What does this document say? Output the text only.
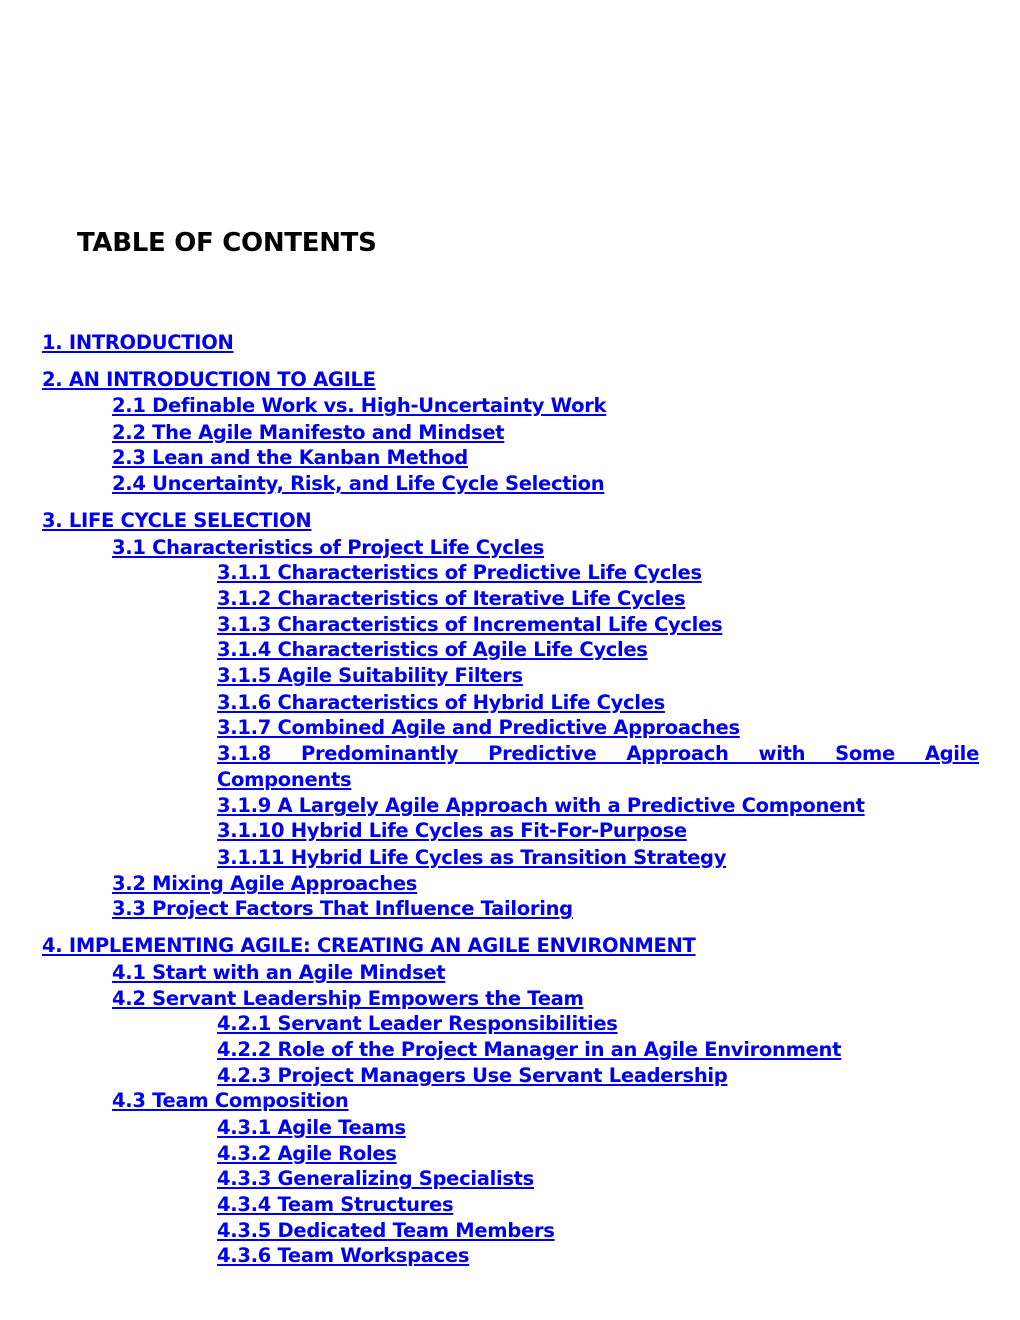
TABLE OF CONTENTS
1. INTRODUCTION
2. AN INTRODUCTION TO AGILE
2.1 Definable Work vs. High-Uncertainty Work
2.2 The Agile Manifesto and Mindset
2.3 Lean and the Kanban Method
2.4 Uncertainty, Risk, and Life Cycle Selection
3. LIFE CYCLE SELECTION
3.1 Characteristics of Project Life Cycles
3.1.1 Characteristics of Predictive Life Cycles
3.1.2 Characteristics of Iterative Life Cycles
3.1.3 Characteristics of Incremental Life Cycles
3.1.4 Characteristics of Agile Life Cycles
3.1.5 Agile Suitability Filters
3.1.6 Characteristics of Hybrid Life Cycles
3.1.7 Combined Agile and Predictive Approaches
3.1.8 Predominantly Predictive Approach with Some Agile Components
3.1.9 A Largely Agile Approach with a Predictive Component
3.1.10 Hybrid Life Cycles as Fit-For-Purpose
3.1.11 Hybrid Life Cycles as Transition Strategy
3.2 Mixing Agile Approaches
3.3 Project Factors That Influence Tailoring
4. IMPLEMENTING AGILE: CREATING AN AGILE ENVIRONMENT
4.1 Start with an Agile Mindset
4.2 Servant Leadership Empowers the Team
4.2.1 Servant Leader Responsibilities
4.2.2 Role of the Project Manager in an Agile Environment
4.2.3 Project Managers Use Servant Leadership
4.3 Team Composition
4.3.1 Agile Teams
4.3.2 Agile Roles
4.3.3 Generalizing Specialists
4.3.4 Team Structures
4.3.5 Dedicated Team Members
4.3.6 Team Workspaces
